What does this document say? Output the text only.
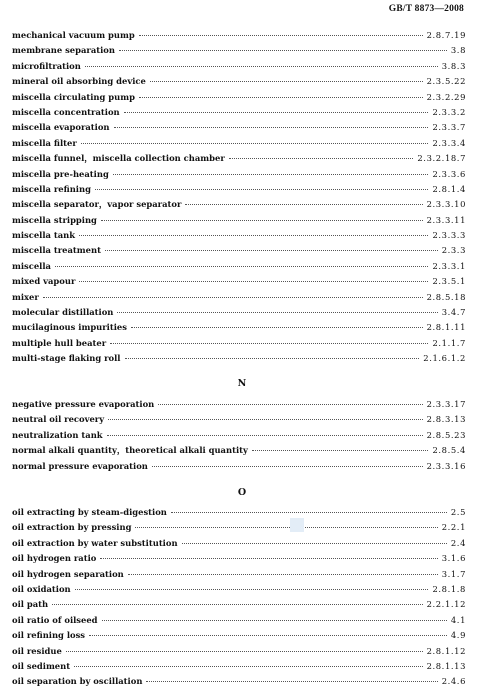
GB/T 8873—2008
mechanical vacuum pump	2.8.7.19
membrane separation	3.8
microfiltration	3.8.3
mineral oil absorbing device	2.3.5.22
miscella circulating pump	2.3.2.29
miscella concentration	2.3.3.2
miscella evaporation	2.3.3.7
miscella filter	2.3.3.4
miscella funnel，miscella collection chamber	2.3.2.18.7
miscella pre-heating	2.3.3.6
miscella refining	2.8.1.4
miscella separator，vapor separator	2.3.3.10
miscella stripping	2.3.3.11
miscella tank	2.3.3.3
miscella treatment	2.3.3
miscella	2.3.3.1
mixed vapour	2.3.5.1
mixer	2.8.5.18
molecular distillation	3.4.7
mucilaginous impurities	2.8.1.11
multiple hull beater	2.1.1.7
multi-stage flaking roll	2.1.6.1.2
N
negative pressure evaporation	2.3.3.17
neutral oil recovery	2.8.3.13
neutralization tank	2.8.5.23
normal alkali quantity，theoretical alkali quantity	2.8.5.4
normal pressure evaporation	2.3.3.16
O
oil extracting by steam-digestion	2.5
oil extraction by pressing	2.2.1
oil extraction by water substitution	2.4
oil hydrogen ratio	3.1.6
oil hydrogen separation	3.1.7
oil oxidation	2.8.1.8
oil path	2.2.1.12
oil ratio of oilseed	4.1
oil refining loss	4.9
oil residue	2.8.1.12
oil sediment	2.8.1.13
oil separation by oscillation	2.4.6
